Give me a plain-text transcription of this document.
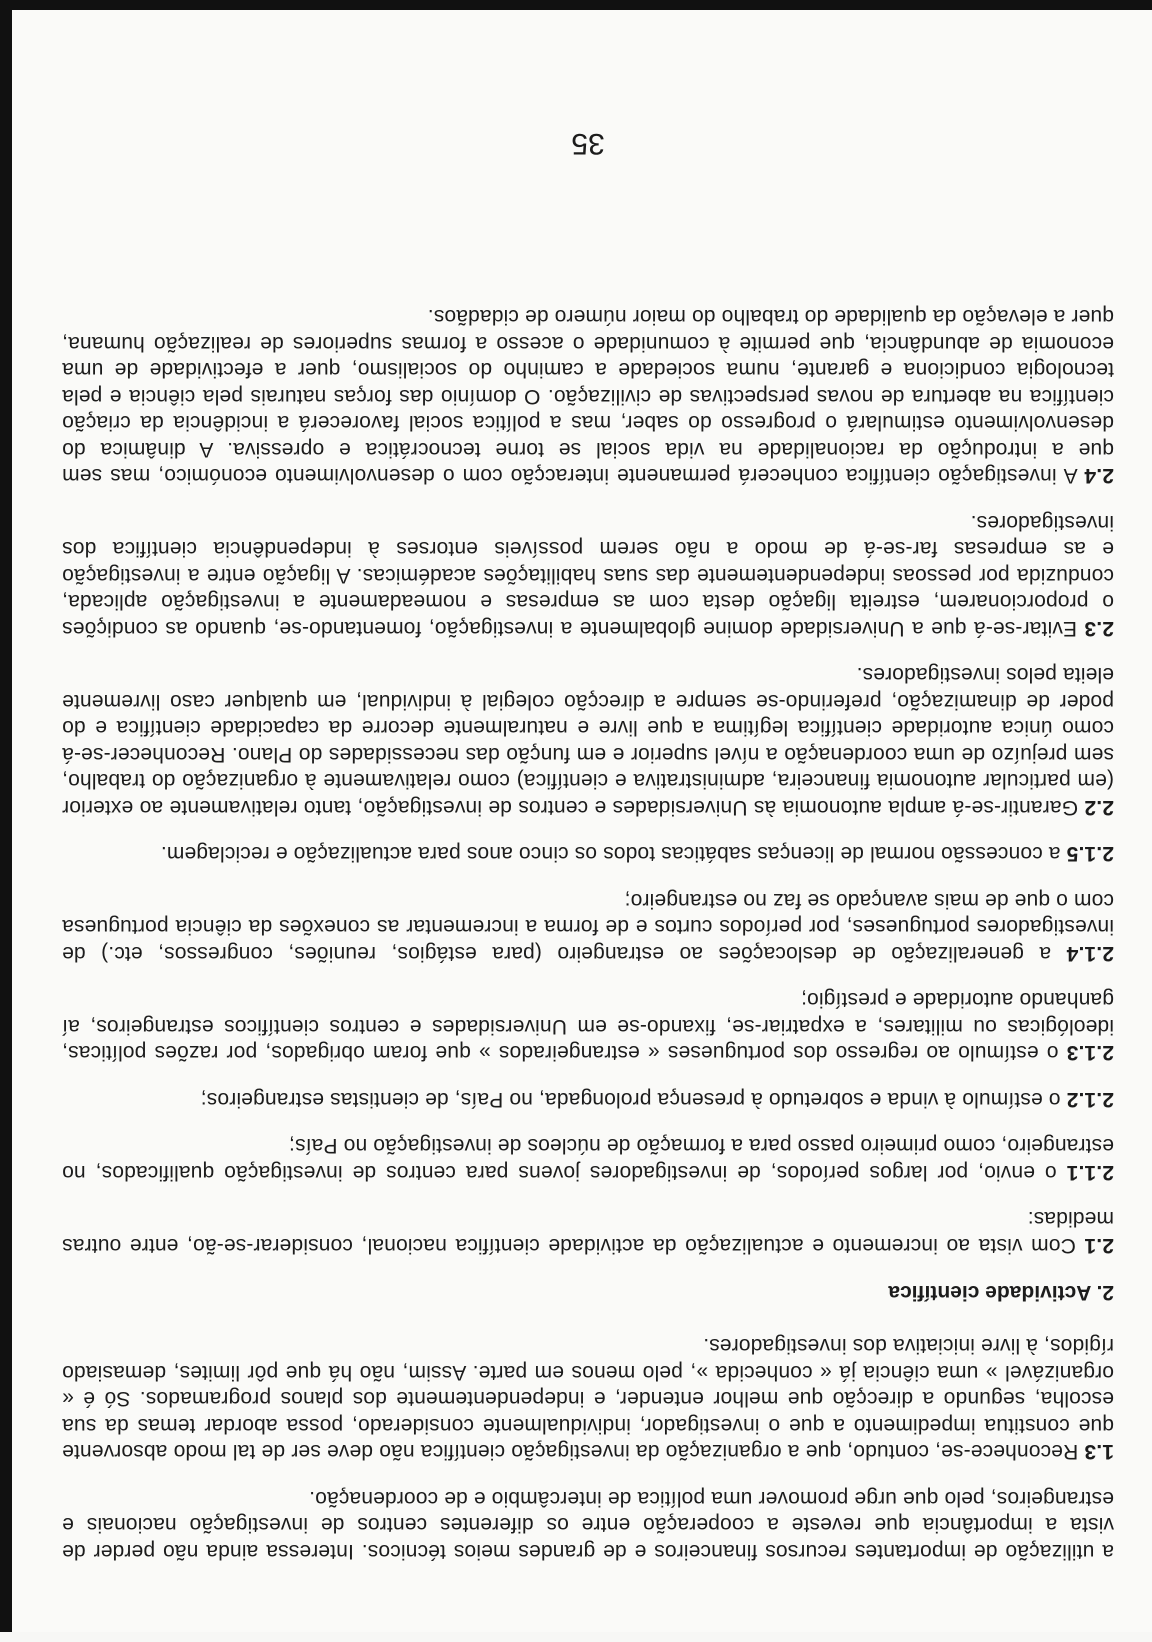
a utilização de importantes recursos financeiros e de grandes meios técnicos. Interessa ainda não perder de vista a importância que reveste a cooperação entre os diferentes centros de investigação nacionais e estrangeiros, pelo que urge promover uma política de intercâmbio e de coordenação.

1.3 Reconhece-se, contudo, que a organização da investigação científica não deve ser de tal modo absorvente que constitua impedimento a que o investigador, individualmente considerado, possa abordar temas da sua escolha, segundo a direcção que melhor entender, e independentemente dos planos programados. Só é « organizável » uma ciência já « conhecida », pelo menos em parte. Assim, não há que pôr limites, demasiado rígidos, à livre iniciativa dos investigadores.

2. Actividade científica

2.1 Com vista ao incremento e actualização da actividade científica nacional, considerar-se-ão, entre outras medidas:

2.1.1 o envio, por largos períodos, de investigadores jovens para centros de investigação qualificados, no estrangeiro, como primeiro passo para a formação de núcleos de investigação no País;

2.1.2 o estímulo à vinda e sobretudo à presença prolongada, no País, de cientistas estrangeiros;

2.1.3 o estímulo ao regresso dos portugueses « estrangeirados » que foram obrigados, por razões políticas, ideológicas ou militares, a expatriar-se, fixando-se em Universidades e centros científicos estrangeiros, aí ganhando autoridade e prestígio;

2.1.4 a generalização de deslocações ao estrangeiro (para estágios, reuniões, congressos, etc.) de investigadores portugueses, por períodos curtos e de forma a incrementar as conexões da ciência portuguesa com o que de mais avançado se faz no estrangeiro;

2.1.5 a concessão normal de licenças sabáticas todos os cinco anos para actualização e reciclagem.

2.2 Garantir-se-á ampla autonomia às Universidades e centros de investigação, tanto relativamente ao exterior (em particular autonomia financeira, administrativa e científica) como relativamente à organização do trabalho, sem prejuízo de uma coordenação a nível superior e em função das necessidades do Plano. Reconhecer-se-á como única autoridade científica legítima a que livre e naturalmente decorre da capacidade científica e do poder de dinamização, preferindo-se sempre a direcção colegial à individual, em qualquer caso livremente eleita pelos investigadores.

2.3 Evitar-se-á que a Universidade domine globalmente a investigação, fomentando-se, quando as condições o proporcionarem, estreita ligação desta com as empresas e nomeadamente a investigação aplicada, conduzida por pessoas independentemente das suas habilitações académicas. A ligação entre a investigação e as empresas far-se-á de modo a não serem possíveis entorses à independência científica dos investigadores.

2.4 A investigação científica conhecerá permanente interacção com o desenvolvimento económico, mas sem que a introdução da racionalidade na vida social se torne tecnocrática e opressiva. A dinâmica do desenvolvimento estimulará o progresso do saber, mas a política social favorecerá a incidência da criação científica na abertura de novas perspectivas de civilização. O domínio das forças naturais pela ciência e pela tecnologia condiciona e garante, numa sociedade a caminho do socialismo, quer a efectividade de uma economia de abundância, que permite à comunidade o acesso a formas superiores de realização humana, quer a elevação da qualidade do trabalho do maior número de cidadãos.

35
